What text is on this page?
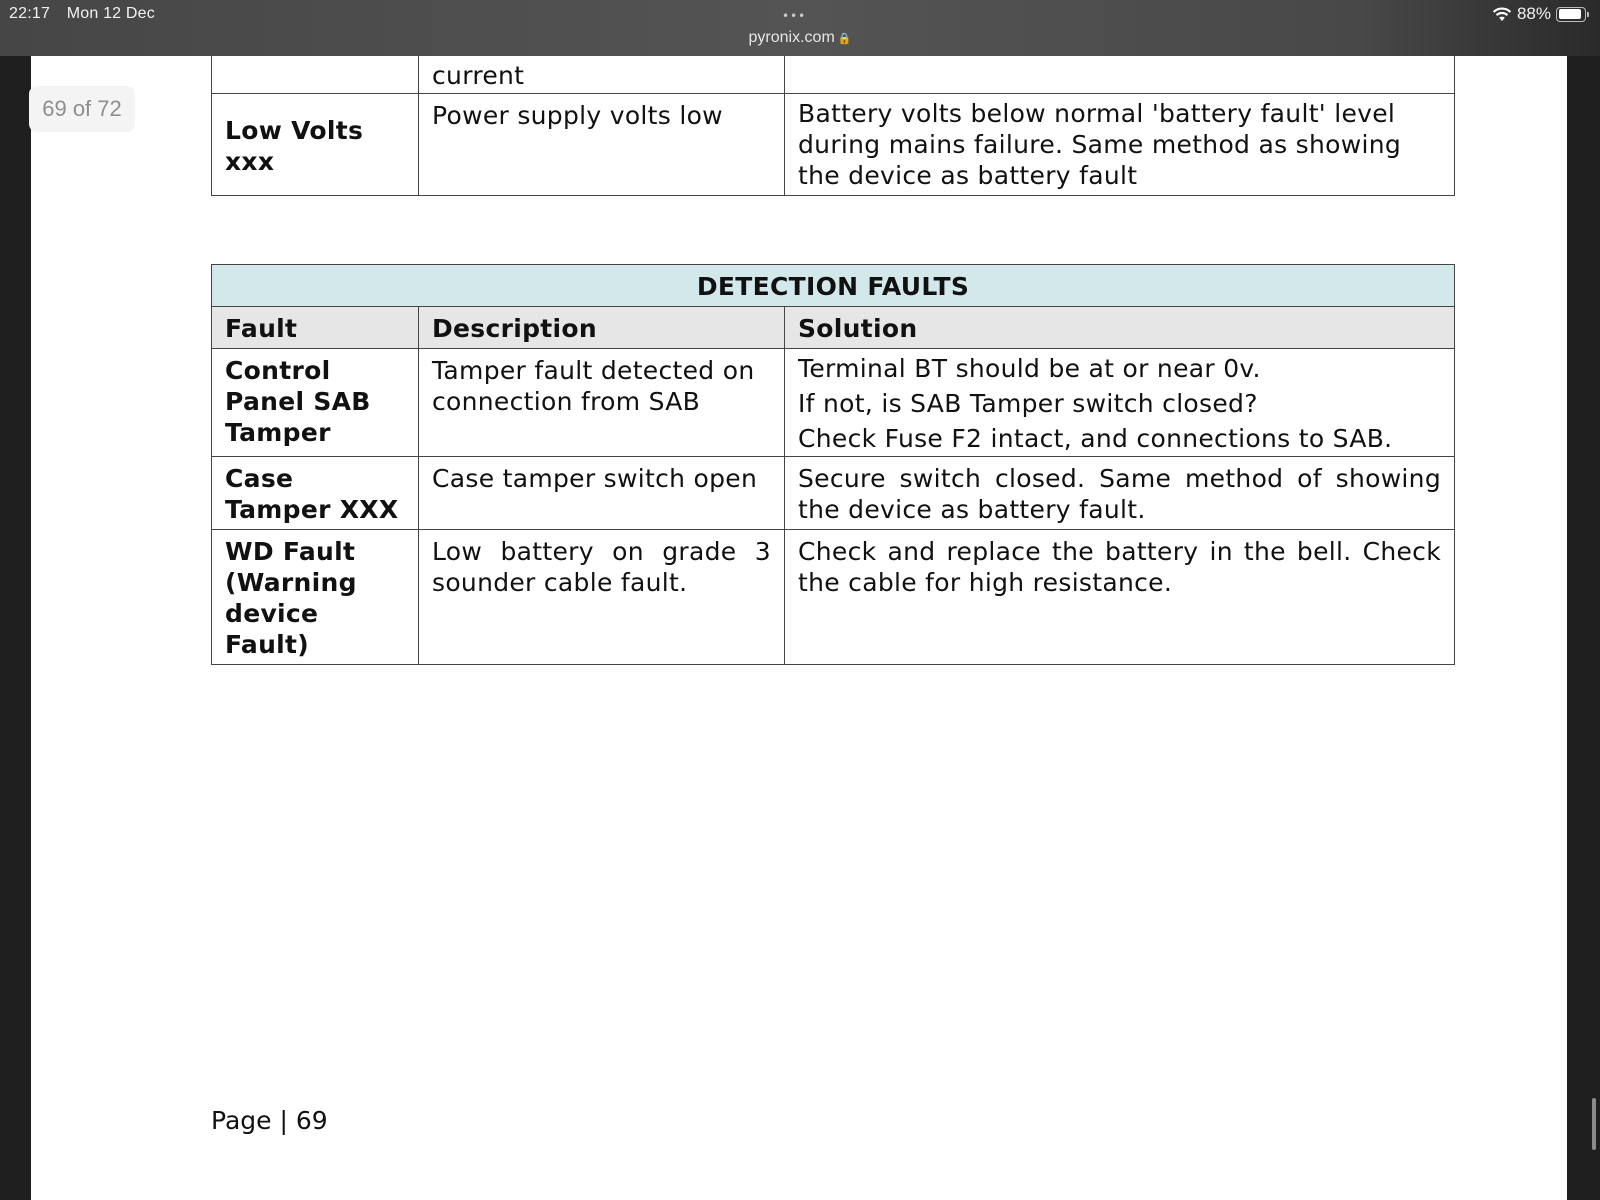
22:17 Mon 12 Dec	•••
pyronix.com 🔒
88%
	current	
Low Volts xxx	Power supply volts low	Battery volts below normal 'battery fault' level during mains failure. Same method as showing the device as battery fault
DETECTION FAULTS		
Fault	Description	Solution
Control Panel SAB Tamper	Tamper fault detected on connection from SAB	Terminal BT should be at or near 0v.
If not, is SAB Tamper switch closed?
Check Fuse F2 intact, and connections to SAB.

Case Tamper XXX	Case tamper switch open	Secure switch closed. Same method of showing the device as battery fault.
WD Fault (Warning device Fault)	Low battery on grade 3 sounder cable fault.	Check and replace the battery in the bell. Check the cable for high resistance.
Page | 69
69 of 72
